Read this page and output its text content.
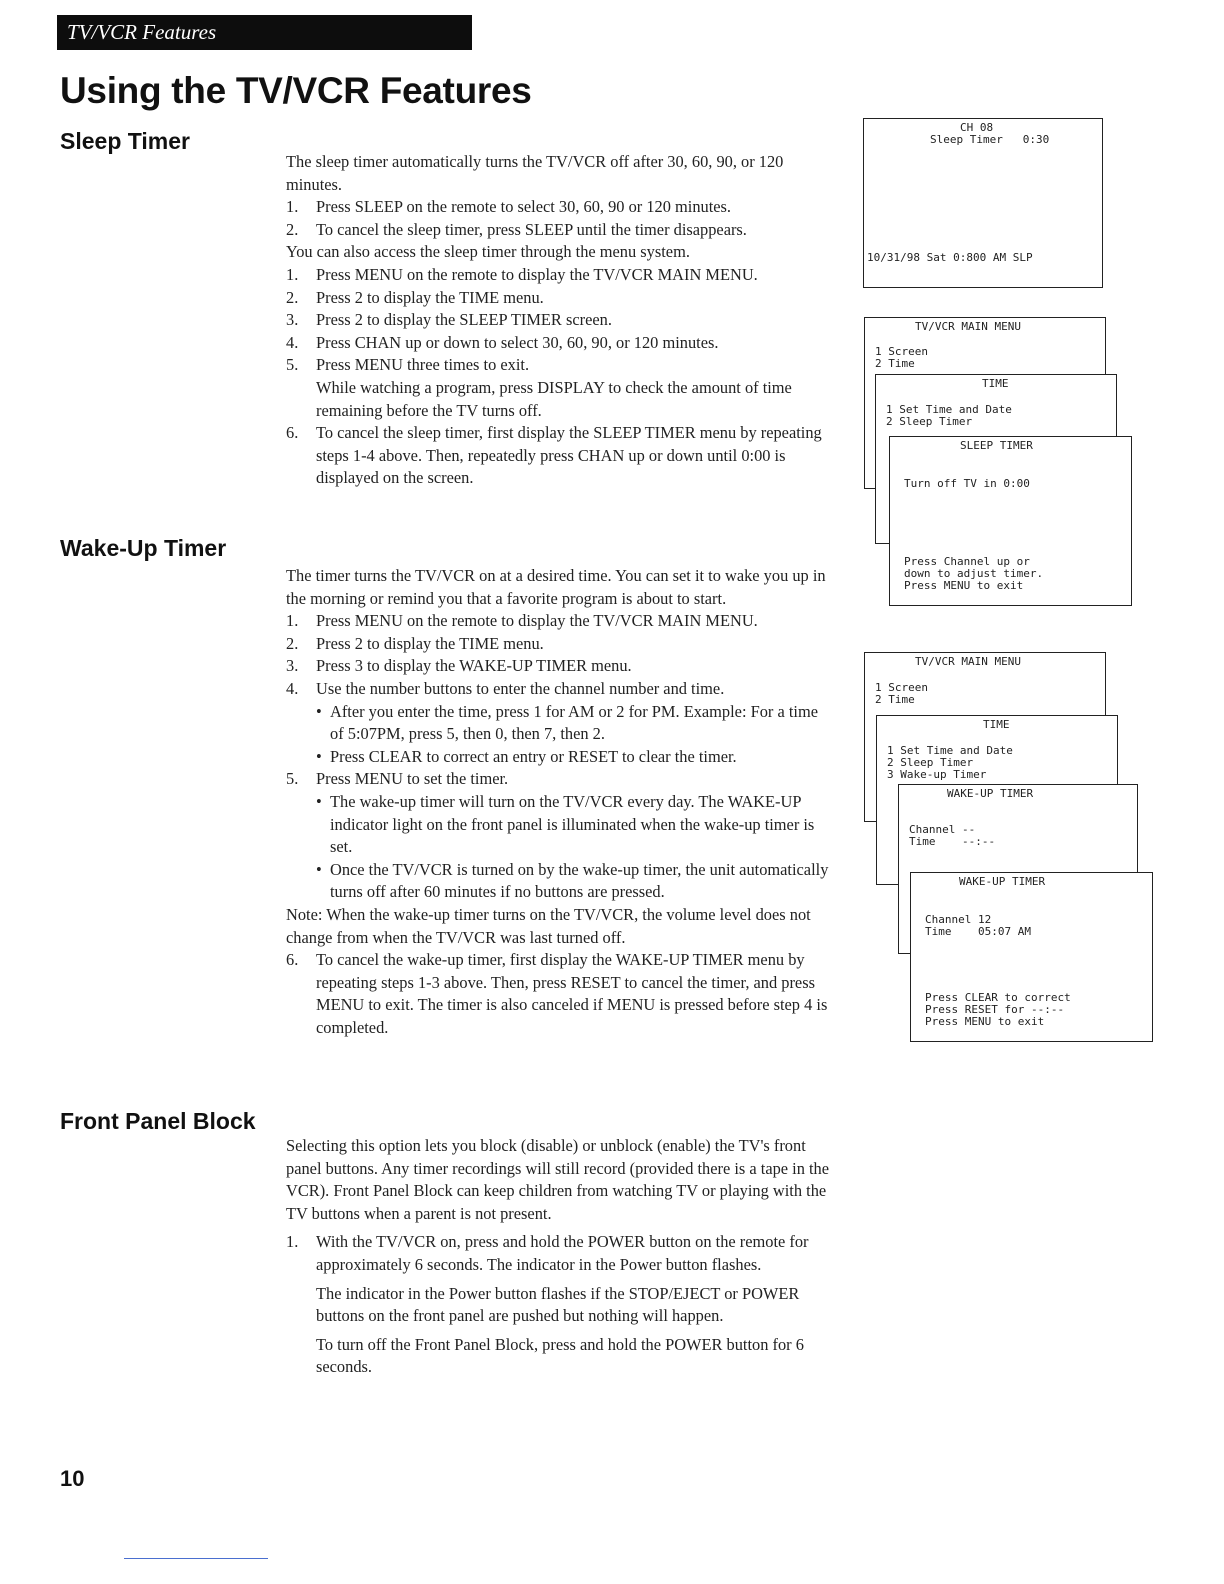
TV/VCR Features
Using the TV/VCR Features
Sleep Timer

The sleep timer automatically turns the TV/VCR off after 30, 60, 90, or 120 minutes.

1.	Press SLEEP on the remote to select 30, 60, 90 or 120 minutes.
2.	To cancel the sleep timer, press SLEEP until the timer disappears.

You can also access the sleep timer through the menu system.

1.	Press MENU on the remote to display the TV/VCR MAIN MENU.
2.	Press 2 to display the TIME menu.
3.	Press 2 to display the SLEEP TIMER screen.
4.	Press CHAN up or down to select 30, 60, 90, or 120 minutes.
5.	Press MENU three times to exit.

While watching a program, press DISPLAY to check the amount of time remaining before the TV turns off.

6.	To cancel the sleep timer, first display the SLEEP TIMER menu by repeating steps 1-4 above. Then, repeatedly press CHAN up or down until 0:00 is displayed on the screen.
Wake-Up Timer

The timer turns the TV/VCR on at a desired time. You can set it to wake you up in the morning or remind you that a favorite program is about to start.

1.	Press MENU on the remote to display the TV/VCR MAIN MENU.
2.	Press 2 to display the TIME menu.
3.	Press 3 to display the WAKE-UP TIMER menu.
4.	Use the number buttons to enter the channel number and time.
• After you enter the time, press 1 for AM or 2 for PM. Example: For a time of 5:07PM, press 5, then 0, then 7, then 2.
• Press CLEAR to correct an entry or RESET to clear the timer.
5.	Press MENU to set the timer.
• The wake-up timer will turn on the TV/VCR every day. The WAKE-UP indicator light on the front panel is illuminated when the wake-up timer is set.
• Once the TV/VCR is turned on by the wake-up timer, the unit automatically turns off after 60 minutes if no buttons are pressed.

Note: When the wake-up timer turns on the TV/VCR, the volume level does not change from when the TV/VCR was last turned off.

6.	To cancel the wake-up timer, first display the WAKE-UP TIMER menu by repeating steps 1-3 above. Then, press RESET to cancel the timer, and press MENU to exit. The timer is also canceled if MENU is pressed before step 4 is completed.
Front Panel Block

Selecting this option lets you block (disable) or unblock (enable) the TV's front panel buttons. Any timer recordings will still record (provided there is a tape in the VCR). Front Panel Block can keep children from watching TV or playing with the TV buttons when a parent is not present.

1.	With the TV/VCR on, press and hold the POWER button on the remote for approximately 6 seconds. The indicator in the Power button flashes.

The indicator in the Power button flashes if the STOP/EJECT or POWER buttons on the front panel are pushed but nothing will happen.

To turn off the Front Panel Block, press and hold the POWER button for 6 seconds.

CH 08

Sleep Timer   0:30

10/31/98 Sat 0:800 AM SLP

TV/VCR MAIN MENU

1 Screen

2 Time

TIME

1 Set Time and Date

2 Sleep Timer

SLEEP TIMER

Turn off TV in 0:00

Press Channel up or

down to adjust timer.

Press MENU to exit

TV/VCR MAIN MENU

1 Screen

2 Time

TIME

1 Set Time and Date

2 Sleep Timer

3 Wake-up Timer

WAKE-UP TIMER

Channel --

Time    --:--

WAKE-UP TIMER

Channel 12

Time    05:07 AM

Press CLEAR to correct

Press RESET for --:--

Press MENU to exit

10
